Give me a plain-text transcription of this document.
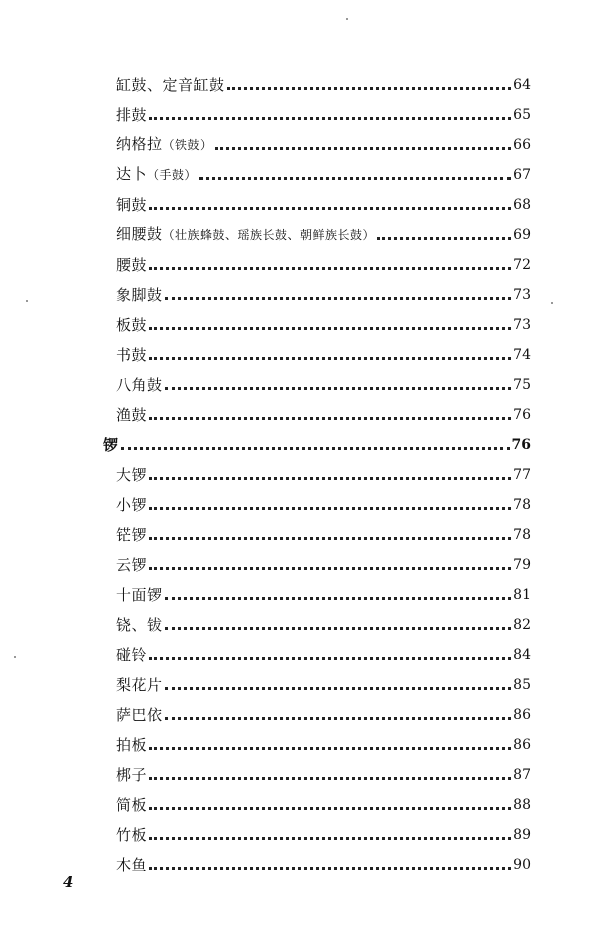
缸鼓、定音缸鼓	64
排鼓	65
纳格拉（铁鼓）	66
达卜（手鼓）	67
铜鼓	68
细腰鼓（壮族蜂鼓、瑶族长鼓、朝鲜族长鼓）	69
腰鼓	72
象脚鼓	73
板鼓	73
书鼓	74
八角鼓	75
渔鼓	76
锣	76
大锣	77
小锣	78
铓锣	78
云锣	79
十面锣	81
铙、钹	82
碰铃	84
梨花片	85
萨巴依	86
拍板	86
梆子	87
简板	88
竹板	89
木鱼	90
4
